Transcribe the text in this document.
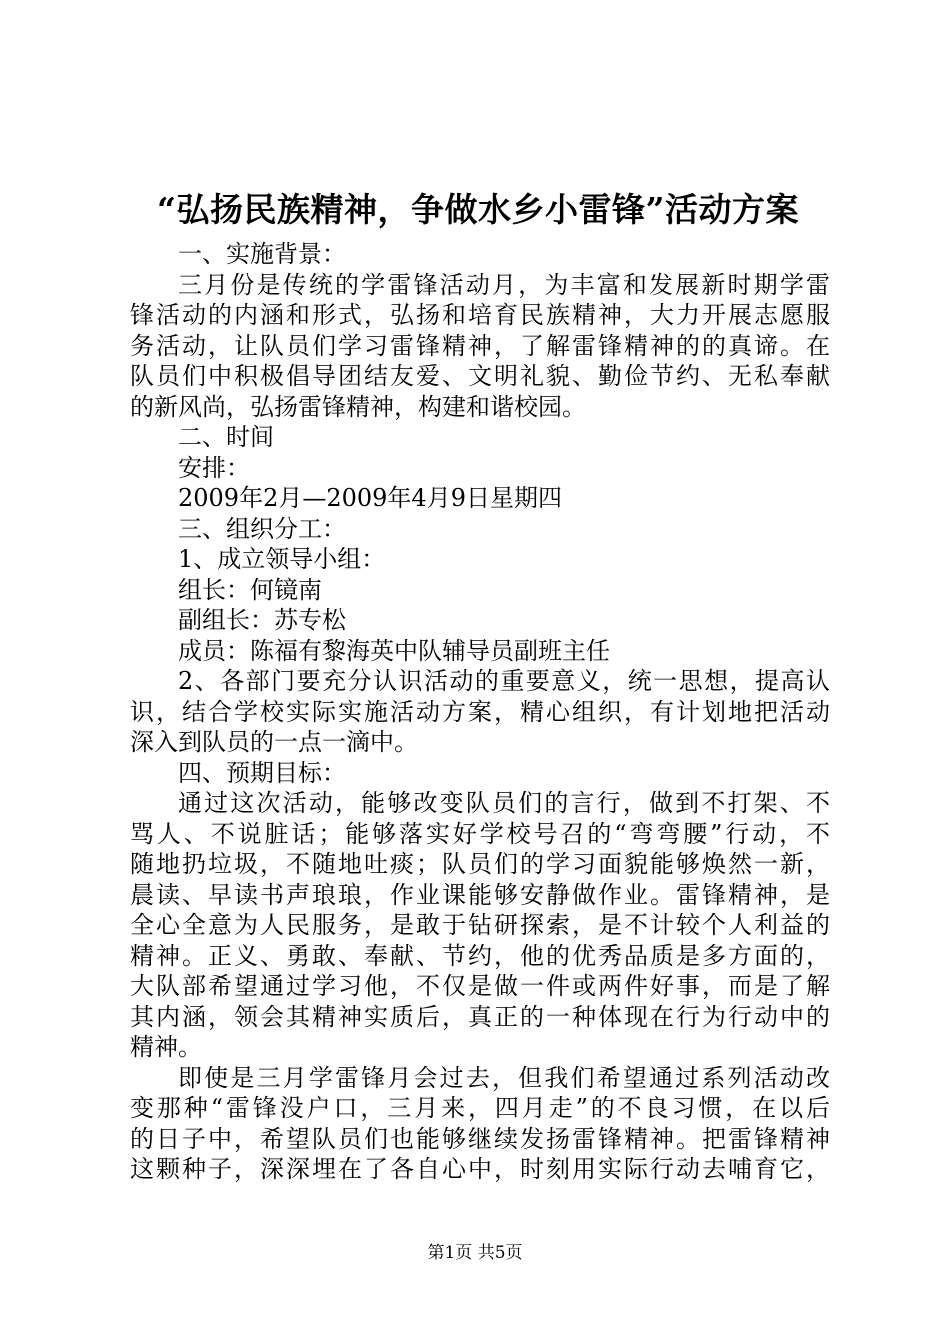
“弘扬民族精神，争做水乡小雷锋”活动方案
一、实施背景：
三月份是传统的学雷锋活动月，为丰富和发展新时期学雷
锋活动的内涵和形式，弘扬和培育民族精神，大力开展志愿服
务活动，让队员们学习雷锋精神，了解雷锋精神的的真谛。在
队员们中积极倡导团结友爱、文明礼貌、勤俭节约、无私奉献
的新风尚，弘扬雷锋精神，构建和谐校园。
二、时间
安排：
2009年2月—2009年4月9日星期四
三、组织分工：
1、成立领导小组：
组长：何镜南
副组长：苏专松
成员：陈福有黎海英中队辅导员副班主任
2、各部门要充分认识活动的重要意义，统一思想，提高认
识，结合学校实际实施活动方案，精心组织，有计划地把活动
深入到队员的一点一滴中。
四、预期目标：
通过这次活动，能够改变队员们的言行，做到不打架、不
骂人、不说脏话；能够落实好学校号召的“弯弯腰”行动，不
随地扔垃圾，不随地吐痰；队员们的学习面貌能够焕然一新，
晨读、早读书声琅琅，作业课能够安静做作业。雷锋精神，是
全心全意为人民服务，是敢于钻研探索，是不计较个人利益的
精神。正义、勇敢、奉献、节约，他的优秀品质是多方面的，
大队部希望通过学习他，不仅是做一件或两件好事，而是了解
其内涵，领会其精神实质后，真正的一种体现在行为行动中的
精神。
即使是三月学雷锋月会过去，但我们希望通过系列活动改
变那种“雷锋没户口，三月来，四月走”的不良习惯，在以后
的日子中，希望队员们也能够继续发扬雷锋精神。把雷锋精神
这颗种子，深深埋在了各自心中，时刻用实际行动去哺育它，
第1页 共5页
